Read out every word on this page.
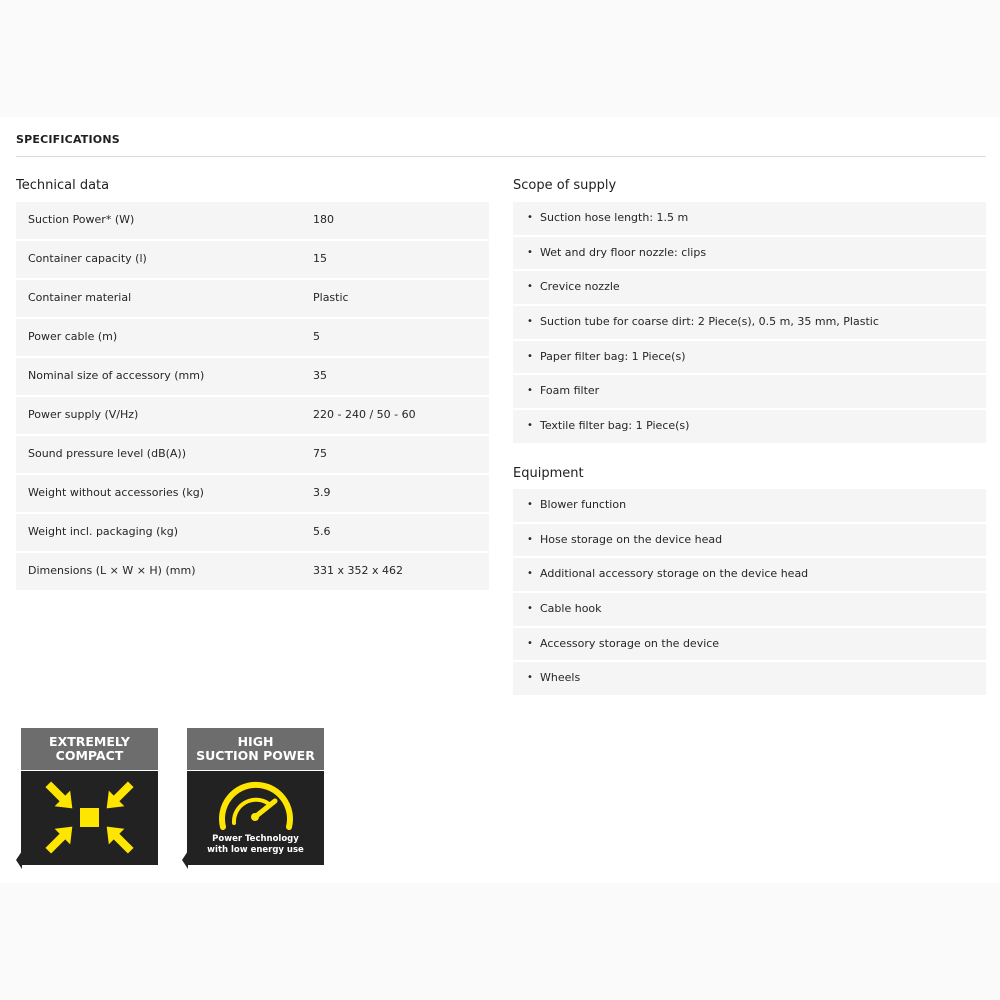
SPECIFICATIONS
Technical data
Suction Power* (W)	180
Container capacity (l)	15
Container material	Plastic
Power cable (m)	5
Nominal size of accessory (mm)	35
Power supply (V/Hz)	220 - 240 / 50 - 60
Sound pressure level (dB(A))	75
Weight without accessories (kg)	3.9
Weight incl. packaging (kg)	5.6
Dimensions (L × W × H) (mm)	331 x 352 x 462
Scope of supply
• Suction hose length: 1.5 m
• Wet and dry floor nozzle: clips
• Crevice nozzle
• Suction tube for coarse dirt: 2 Piece(s), 0.5 m, 35 mm, Plastic
• Paper filter bag: 1 Piece(s)
• Foam filter
• Textile filter bag: 1 Piece(s)
Equipment
• Blower function
• Hose storage on the device head
• Additional accessory storage on the device head
• Cable hook
• Accessory storage on the device
• Wheels
EXTREMELY
COMPACT
HIGH
SUCTION POWER
Power Technology
with low energy use
